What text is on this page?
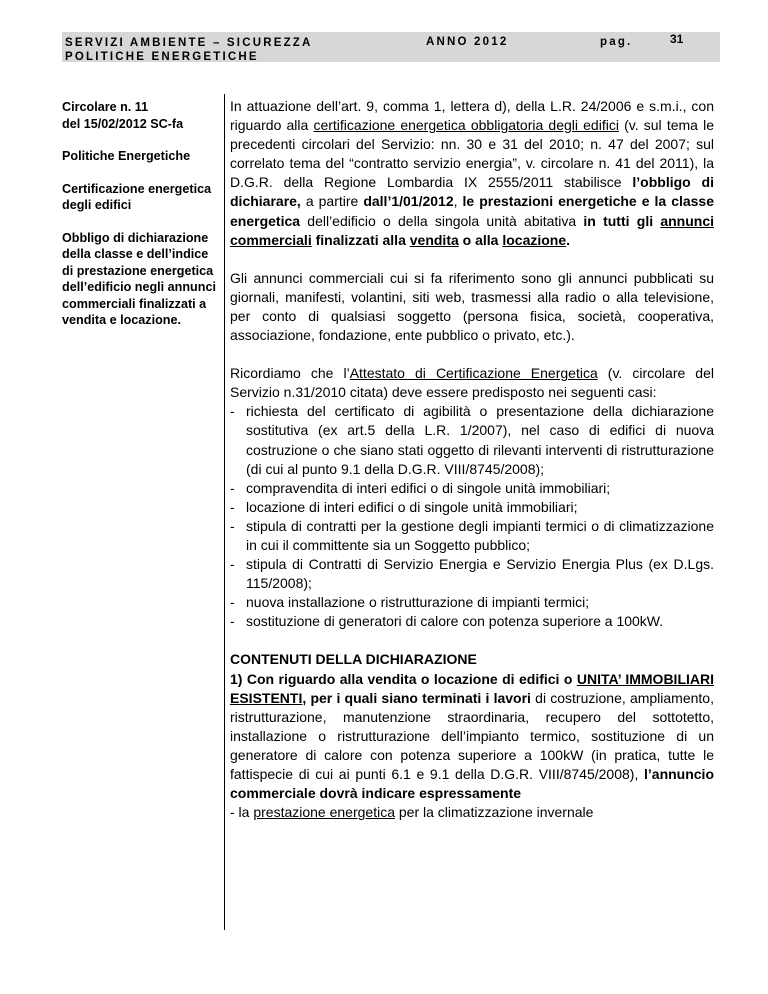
SERVIZI AMBIENTE – SICUREZZA
POLITICHE ENERGETICHE
ANNO 2012	pag.	31
Circolare n. 11
del 15/02/2012 SC-fa
Politiche Energetiche
Certificazione energetica degli edifici
Obbligo di dichiarazione della classe e dell’indice di prestazione energetica dell’edificio negli annunci commerciali finalizzati a vendita e locazione.

In attuazione dell’art. 9, comma 1, lettera d), della L.R. 24/2006 e s.m.i., con riguardo alla certificazione energetica obbligatoria degli edifici (v. sul tema le precedenti circolari del Servizio: nn. 30 e 31 del 2010; n. 47 del 2007; sul correlato tema del “contratto servizio energia”, v. circolare n. 41 del 2011), la D.G.R. della Regione Lombardia IX 2555/2011 stabilisce l’obbligo di dichiarare, a partire dall’1/01/2012, le prestazioni energetiche e la classe energetica dell’edificio o della singola unità abitativa in tutti gli annunci commerciali finalizzati alla vendita o alla locazione.

Gli annunci commerciali cui si fa riferimento sono gli annunci pubblicati su giornali, manifesti, volantini, siti web, trasmessi alla radio o alla televisione, per conto di qualsiasi soggetto (persona fisica, società, cooperativa, associazione, fondazione, ente pubblico o privato, etc.).

Ricordiamo che l’Attestato di Certificazione Energetica (v. circolare del Servizio n.31/2010 citata) deve essere predisposto nei seguenti casi:
- richiesta del certificato di agibilità o presentazione della dichiarazione sostitutiva (ex art.5 della L.R. 1/2007), nel caso di edifici di nuova costruzione o che siano stati oggetto di rilevanti interventi di ristrutturazione (di cui al punto 9.1 della D.G.R. VIII/8745/2008);
- compravendita di interi edifici o di singole unità immobiliari;
- locazione di interi edifici o di singole unità immobiliari;
- stipula di contratti per la gestione degli impianti termici o di climatizzazione in cui il committente sia un Soggetto pubblico;
- stipula di Contratti di Servizio Energia e Servizio Energia Plus (ex D.Lgs. 115/2008);
- nuova installazione o ristrutturazione di impianti termici;
- sostituzione di generatori di calore con potenza superiore a 100kW.
CONTENUTI DELLA DICHIARAZIONE
1) Con riguardo alla vendita o locazione di edifici o UNITA’ IMMOBILIARI ESISTENTI, per i quali siano terminati i lavori di costruzione, ampliamento, ristrutturazione, manutenzione straordinaria, recupero del sottotetto, installazione o ristrutturazione dell’impianto termico, sostituzione di un generatore di calore con potenza superiore a 100kW (in pratica, tutte le fattispecie di cui ai punti 6.1 e 9.1 della D.G.R. VIII/8745/2008), l’annuncio commerciale dovrà indicare espressamente
- la prestazione energetica per la climatizzazione invernale
